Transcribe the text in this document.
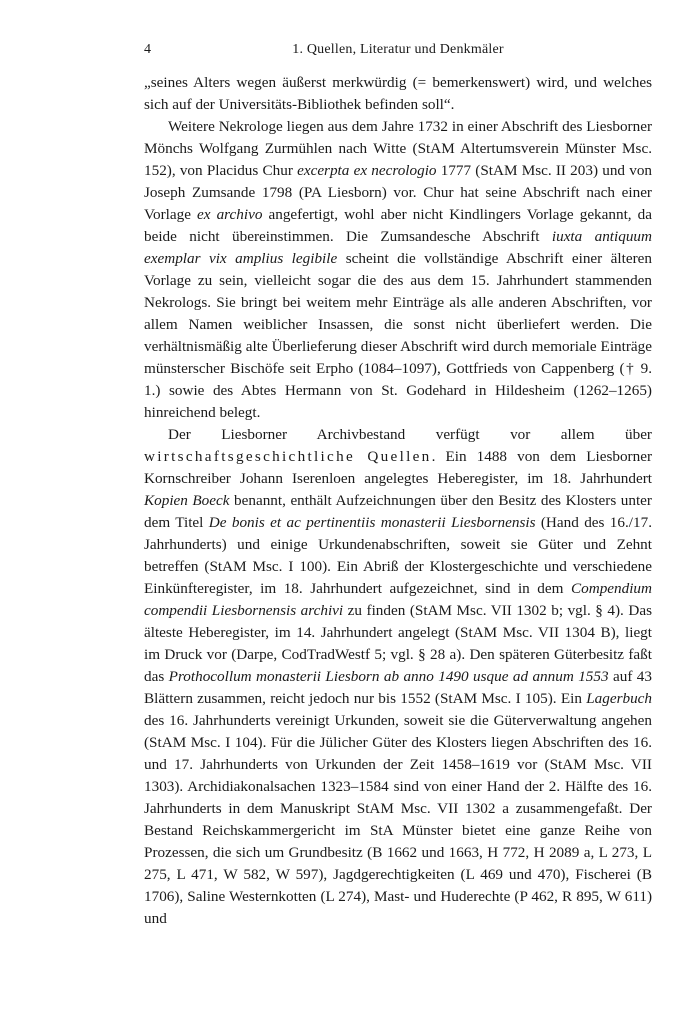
4	1. Quellen, Literatur und Denkmäler

„seines Alters wegen äußerst merkwürdig (= bemerkenswert) wird, und welches sich auf der Universitäts-Bibliothek befinden soll“.

Weitere Nekrologe liegen aus dem Jahre 1732 in einer Abschrift des Liesborner Mönchs Wolfgang Zurmühlen nach Witte (StAM Altertumsverein Münster Msc. 152), von Placidus Chur excerpta ex necrologio 1777 (StAM Msc. II 203) und von Joseph Zumsande 1798 (PA Liesborn) vor. Chur hat seine Abschrift nach einer Vorlage ex archivo angefertigt, wohl aber nicht Kindlingers Vorlage gekannt, da beide nicht übereinstimmen. Die Zumsandesche Abschrift iuxta antiquum exemplar vix amplius legibile scheint die vollständige Abschrift einer älteren Vorlage zu sein, vielleicht sogar die des aus dem 15. Jahrhundert stammenden Nekrologs. Sie bringt bei weitem mehr Einträge als alle anderen Abschriften, vor allem Namen weiblicher Insassen, die sonst nicht überliefert werden. Die verhältnismäßig alte Überlieferung dieser Abschrift wird durch memoriale Einträge münsterscher Bischöfe seit Erpho (1084–1097), Gottfrieds von Cappenberg († 9. 1.) sowie des Abtes Hermann von St. Godehard in Hildesheim (1262–1265) hinreichend belegt.

Der Liesborner Archivbestand verfügt vor allem über wirtschaftsgeschichtliche Quellen. Ein 1488 von dem Liesborner Kornschreiber Johann Iserenloen angelegtes Heberegister, im 18. Jahrhundert Kopien Boeck benannt, enthält Aufzeichnungen über den Besitz des Klosters unter dem Titel De bonis et ac pertinentiis monasterii Liesbornensis (Hand des 16./17. Jahrhunderts) und einige Urkundenabschriften, soweit sie Güter und Zehnt betreffen (StAM Msc. I 100). Ein Abriß der Klostergeschichte und verschiedene Einkünfteregister, im 18. Jahrhundert aufgezeichnet, sind in dem Compendium compendii Liesbornensis archivi zu finden (StAM Msc. VII 1302 b; vgl. § 4). Das älteste Heberegister, im 14. Jahrhundert angelegt (StAM Msc. VII 1304 B), liegt im Druck vor (Darpe, CodTradWestf 5; vgl. § 28 a). Den späteren Güterbesitz faßt das Prothocollum monasterii Liesborn ab anno 1490 usque ad annum 1553 auf 43 Blättern zusammen, reicht jedoch nur bis 1552 (StAM Msc. I 105). Ein Lagerbuch des 16. Jahrhunderts vereinigt Urkunden, soweit sie die Güterverwaltung angehen (StAM Msc. I 104). Für die Jülicher Güter des Klosters liegen Abschriften des 16. und 17. Jahrhunderts von Urkunden der Zeit 1458–1619 vor (StAM Msc. VII 1303). Archidiakonalsachen 1323–1584 sind von einer Hand der 2. Hälfte des 16. Jahrhunderts in dem Manuskript StAM Msc. VII 1302 a zusammengefaßt. Der Bestand Reichskammergericht im StA Münster bietet eine ganze Reihe von Prozessen, die sich um Grundbesitz (B 1662 und 1663, H 772, H 2089 a, L 273, L 275, L 471, W 582, W 597), Jagdgerechtigkeiten (L 469 und 470), Fischerei (B 1706), Saline Westernkotten (L 274), Mast- und Huderechte (P 462, R 895, W 611) und
